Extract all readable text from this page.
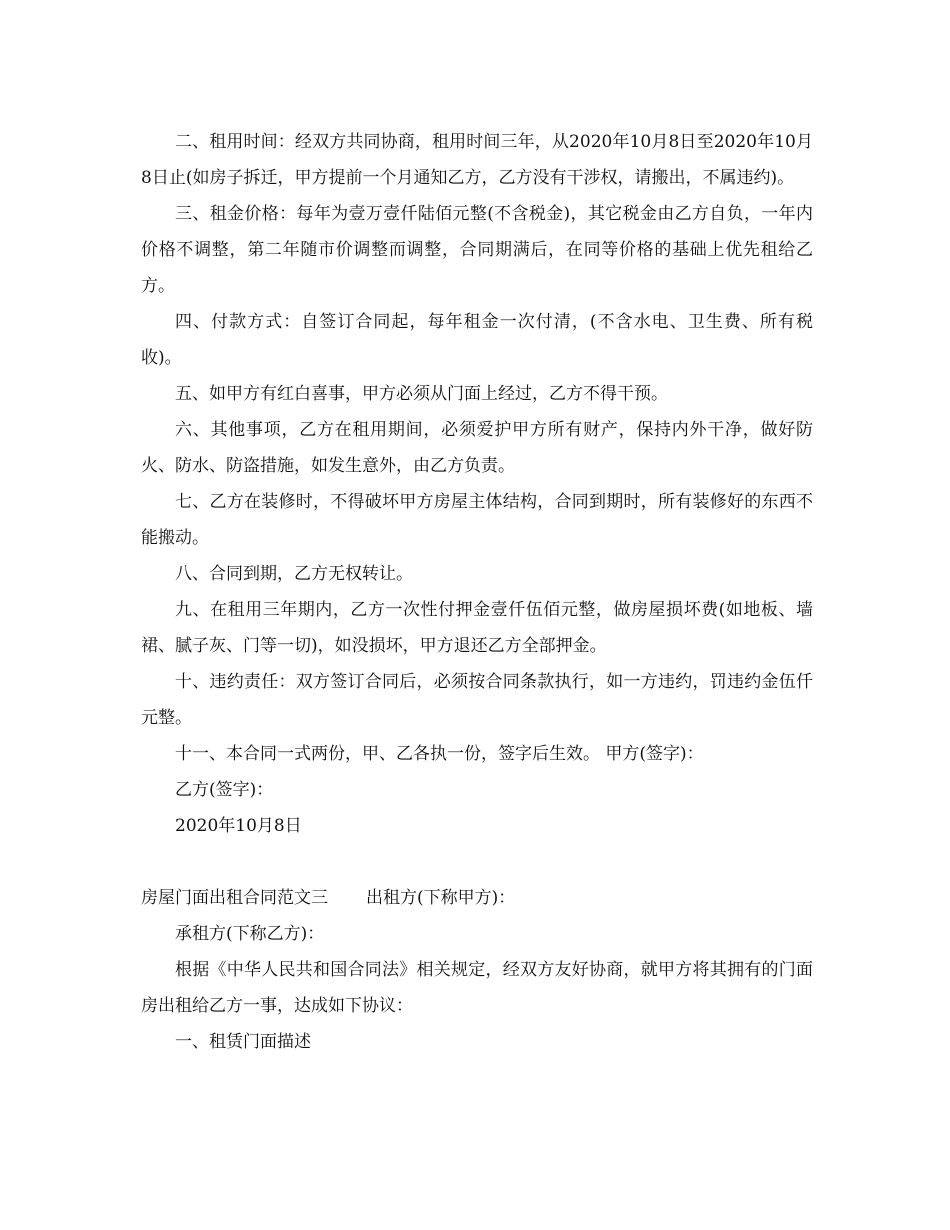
二、租用时间：经双方共同协商，租用时间三年，从2020年10月8日至2020年10月8日止(如房子拆迁，甲方提前一个月通知乙方，乙方没有干涉权，请搬出，不属违约)。

三、租金价格：每年为壹万壹仟陆佰元整(不含税金)，其它税金由乙方自负，一年内价格不调整，第二年随市价调整而调整，合同期满后，在同等价格的基础上优先租给乙方。

四、付款方式：自签订合同起，每年租金一次付清，(不含水电、卫生费、所有税收)。

五、如甲方有红白喜事，甲方必须从门面上经过，乙方不得干预。

六、其他事项，乙方在租用期间，必须爱护甲方所有财产，保持内外干净，做好防火、防水、防盗措施，如发生意外，由乙方负责。

七、乙方在装修时，不得破坏甲方房屋主体结构，合同到期时，所有装修好的东西不能搬动。

八、合同到期，乙方无权转让。

九、在租用三年期内，乙方一次性付押金壹仟伍佰元整，做房屋损坏费(如地板、墙裙、腻子灰、门等一切)，如没损坏，甲方退还乙方全部押金。

十、违约责任：双方签订合同后，必须按合同条款执行，如一方违约，罚违约金伍仟元整。

十一、本合同一式两份，甲、乙各执一份，签字后生效。 甲方(签字)：

乙方(签字)：

2020年10月8日

房屋门面出租合同范文三 出租方(下称甲方)：

承租方(下称乙方)：

根据《中华人民共和国合同法》相关规定，经双方友好协商，就甲方将其拥有的门面房出租给乙方一事，达成如下协议：

一、租赁门面描述
